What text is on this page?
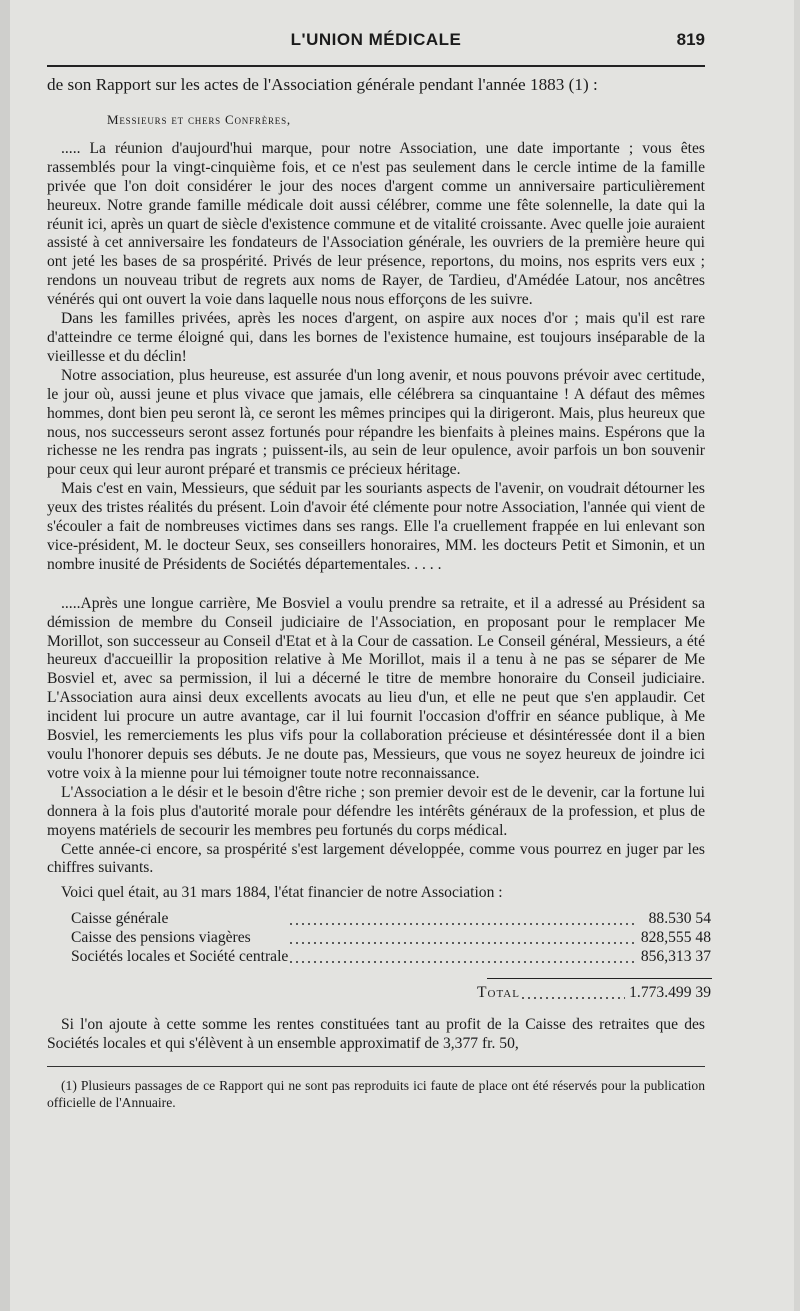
L'UNION MÉDICALE	819

de son Rapport sur les actes de l'Association générale pendant l'année 1883 (1) :

Messieurs et chers Confrères,

..... La réunion d'aujourd'hui marque, pour notre Association, une date importante ; vous êtes rassemblés pour la vingt-cinquième fois, et ce n'est pas seulement dans le cercle intime de la famille privée que l'on doit considérer le jour des noces d'argent comme un anniversaire particulièrement heureux. Notre grande famille médicale doit aussi célébrer, comme une fête solennelle, la date qui la réunit ici, après un quart de siècle d'existence commune et de vitalité croissante. Avec quelle joie auraient assisté à cet anniversaire les fondateurs de l'Association générale, les ouvriers de la première heure qui ont jeté les bases de sa prospérité. Privés de leur présence, reportons, du moins, nos esprits vers eux ; rendons un nouveau tribut de regrets aux noms de Rayer, de Tardieu, d'Amédée Latour, nos ancêtres vénérés qui ont ouvert la voie dans laquelle nous nous efforçons de les suivre.

Dans les familles privées, après les noces d'argent, on aspire aux noces d'or ; mais qu'il est rare d'atteindre ce terme éloigné qui, dans les bornes de l'existence humaine, est toujours inséparable de la vieillesse et du déclin!

Notre association, plus heureuse, est assurée d'un long avenir, et nous pouvons prévoir avec certitude, le jour où, aussi jeune et plus vivace que jamais, elle célébrera sa cinquantaine ! A défaut des mêmes hommes, dont bien peu seront là, ce seront les mêmes principes qui la dirigeront. Mais, plus heureux que nous, nos successeurs seront assez fortunés pour répandre les bienfaits à pleines mains. Espérons que la richesse ne les rendra pas ingrats ; puissent-ils, au sein de leur opulence, avoir parfois un bon souvenir pour ceux qui leur auront préparé et transmis ce précieux héritage.

Mais c'est en vain, Messieurs, que séduit par les souriants aspects de l'avenir, on voudrait détourner les yeux des tristes réalités du présent. Loin d'avoir été clémente pour notre Association, l'année qui vient de s'écouler a fait de nombreuses victimes dans ses rangs. Elle l'a cruellement frappée en lui enlevant son vice-président, M. le docteur Seux, ses conseillers honoraires, MM. les docteurs Petit et Simonin, et un nombre inusité de Présidents de Sociétés départementales. . . . .

.....Après une longue carrière, Me Bosviel a voulu prendre sa retraite, et il a adressé au Président sa démission de membre du Conseil judiciaire de l'Association, en proposant pour le remplacer Me Morillot, son successeur au Conseil d'Etat et à la Cour de cassation. Le Conseil général, Messieurs, a été heureux d'accueillir la proposition relative à Me Morillot, mais il a tenu à ne pas se séparer de Me Bosviel et, avec sa permission, il lui a décerné le titre de membre honoraire du Conseil judiciaire. L'Association aura ainsi deux excellents avocats au lieu d'un, et elle ne peut que s'en applaudir. Cet incident lui procure un autre avantage, car il lui fournit l'occasion d'offrir en séance publique, à Me Bosviel, les remerciements les plus vifs pour la collaboration précieuse et désintéressée dont il a bien voulu l'honorer depuis ses débuts. Je ne doute pas, Messieurs, que vous ne soyez heureux de joindre ici votre voix à la mienne pour lui témoigner toute notre reconnaissance.

L'Association a le désir et le besoin d'être riche ; son premier devoir est de le devenir, car la fortune lui donnera à la fois plus d'autorité morale pour défendre les intérêts généraux de la profession, et plus de moyens matériels de secourir les membres peu fortunés du corps médical.

Cette année-ci encore, sa prospérité s'est largement développée, comme vous pourrez en juger par les chiffres suivants.

Voici quel était, au 31 mars 1884, l'état financier de notre Association :

Caisse générale		88.530 54
Caisse des pensions viagères		828,555 48
Sociétés locales et Société centrale		856,313 37
Total		1.773.499 39

Si l'on ajoute à cette somme les rentes constituées tant au profit de la Caisse des retraites que des Sociétés locales et qui s'élèvent à un ensemble approximatif de 3,377 fr. 50,

(1) Plusieurs passages de ce Rapport qui ne sont pas reproduits ici faute de place ont été réservés pour la publication officielle de l'Annuaire.
